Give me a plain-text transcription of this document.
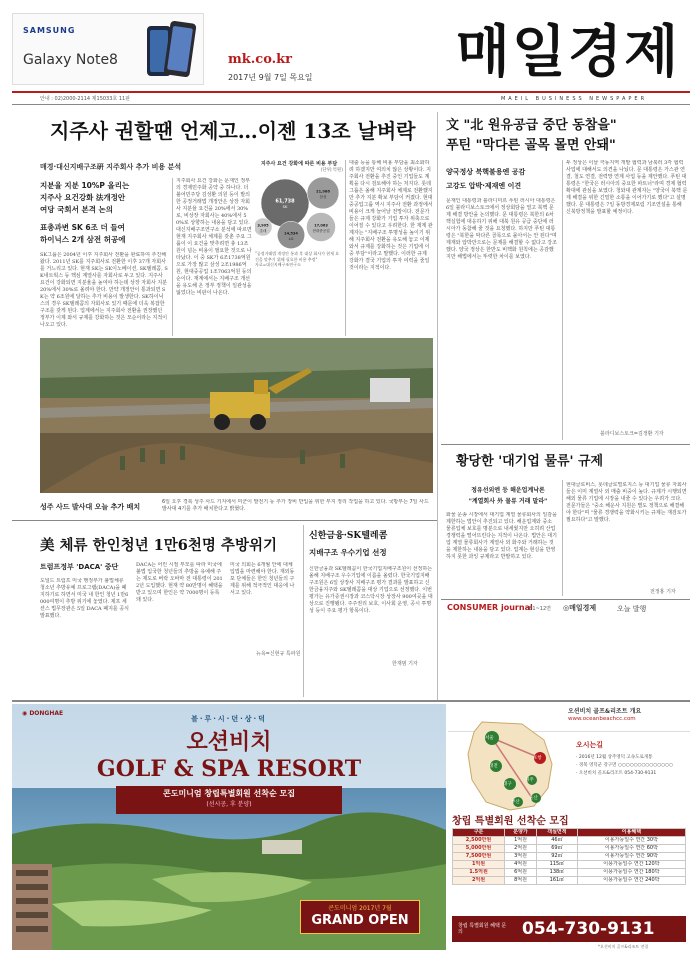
SAMSUNG
Galaxy Note8	mk.co.kr
2017년 9월 7일 목요일	매일경제
MAEIL BUSINESS NEWSPAPER
안내 : 02)2000-2114 제15033호 11판
지주사 권할땐 언제고…이젠 13조 날벼락
매경·대신지배구조硏 지주회사 추가 비용 분석
지분율 지분 10%P 올리는
지주사 요건강화 法개정안
여당 국회서 본격 논의
표총과변 SK 6조 더 들여
하이닉스 2개 삼전 허공에
SK그룹은 2004년 이후 지주회사 전환을 완료하여 추진해 왔다. 2011년 SK를 지주회사로 전환한 이후 37개 자회사를 거느리고 있다. 현재 SK는 SK이노베이션, SK텔레콤, SK네트웍스 등 핵심 계열사를 자회사로 두고 있다. 지주사 요건이 강화되면 지분율을 높여야 하는데 상장 자회사 지분 20%에서 30%로 올려야 한다. 만약 개정안이 통과되면 SK는 약 6조원에 달하는 추가 비용이 발생한다. SK하이닉스의 경우 SK텔레콤의 자회사로 있기 때문에 더욱 복잡한 구조를 갖게 된다. 업계에서는 지주회사 전환을 권장했던 정부가 이제 와서 규제를 강화하는 것은 모순이라는 지적이 나오고 있다.
지주회사 요건 강화는 문재인 정부의 경제민주화 공약 중 하나다. 더불어민주당 김성환 의원 등이 발의한 공정거래법 개정안은 상장 자회사 지분율 요건을 20%에서 30%로, 비상장 자회사는 40%에서 50%로 상향하는 내용을 담고 있다. 대신지배구조연구소 분석에 따르면 현재 지주회사 체제를 갖춘 주요 그룹이 이 요건을 맞추려면 총 13조원이 넘는 비용이 필요한 것으로 나타났다. 이 중 SK가 6조1738억원으로 가장 많고 삼성 2조1986억원, 현대중공업 1조7063억원 등의 순이다. 재계에서는 지배구조 개선을 유도해 온 정부 정책이 일관성을 잃었다는 비판이 나온다.
지주사 요건 강화에 따른 비용 부담
(단위:억원)
61,738
SK
21,986
삼성
17,063
현대중공업
14,534
LG
3,905
롯데
"공정거래법 개정안 통과 후 대상 회사가 현재 요건을 맞추기 위해 필요한 비용 추정"
자료=대신지배구조연구소
대출 등을 통해 비용 부담을 최소화하려 하겠지만 여의치 않은 상황이다. 지주회사 전환을 추진 중인 기업들도 계획을 다시 검토해야 하는 처지다. 롯데그룹은 올해 지주회사 체제로 전환했지만 추가 지분 확보 부담이 커졌다. 현대중공업그룹 역시 지주사 전환 과정에서 비용이 크게 늘어날 전망이다. 전문가들은 규제 강화가 기업 투자 위축으로 이어질 수 있다고 우려한다. 한 재계 관계자는 "지배구조 투명성을 높이기 위해 지주회사 전환을 유도해 놓고 이제 와서 규제를 강화하는 것은 기업에 이중 부담"이라고 말했다. 이러한 규제 강화가 결국 기업의 투자 여력을 줄일 것이라는 지적이다.
성주 사드 발사대 오늘 추가 배치
6일 오후 경북 성주 사드 기지에서 미군이 발전기 등 추가 장비 반입을 위한 부지 정리 작업을 하고 있다. 국방부는 7일 사드 발사대 4기를 추가 배치한다고 밝혔다.
文 "北 원유공급 중단 동참을"
푸틴 "막다른 골목 몰면 안돼"
양국정상 북핵불용엔 공감
고강도 압박·제재엔 이견
문재인 대통령과 블라디미르 푸틴 러시아 대통령은 6일 블라디보스토크에서 정상회담을 열고 북핵 문제 해결 방안을 논의했다. 문 대통령은 북한의 6차 핵실험에 대응하기 위해 대북 원유 공급 중단에 러시아가 동참해 줄 것을 요청했다. 하지만 푸틴 대통령은 "북한을 막다른 골목으로 몰아서는 안 된다"며 제재와 압박만으로는 문제를 해결할 수 없다고 강조했다. 양국 정상은 한반도 비핵화 원칙에는 공감했지만 해법에서는 뚜렷한 차이를 보였다.
두 정상은 이날 극동지역 개발 협력과 남북러 3각 협력 사업에 대해서도 의견을 나눴다. 문 대통령은 가스관 연결, 철도 연결, 전력망 연계 사업 등을 제안했다. 푸틴 대통령은 "한국은 러시아의 중요한 파트너"라며 경제 협력 확대에 관심을 보였다. 청와대 관계자는 "양국이 북핵 문제 해결을 위한 긴밀한 소통을 이어가기로 했다"고 설명했다. 문 대통령은 7일 동방경제포럼 기조연설을 통해 신북방정책을 발표할 예정이다.
블라디보스토크=김정환 기자
황당한 '대기업 물류' 규제
정유선외엔 등 해운업계낙론
"계열회사 外 물류 거래 말라"
화물 운송 시장에서 대기업 계열 물류회사의 일감을 제한하는 법안이 추진되고 있다. 해운업계와 중소 물류업체 보호를 명분으로 내세웠지만 오히려 산업 경쟁력을 떨어뜨린다는 지적이 나온다. 법안은 대기업 계열 물류회사가 계열사 외 화주와 거래하는 것을 제한하는 내용을 담고 있다. 업계는 현실을 반영하지 못한 과잉 규제라고 반발하고 있다.
현대글로비스, 롯데글로벌로지스 등 대기업 물류 자회사들은 이미 계열사 외 매출 비중이 높다. 규제가 시행되면 해외 물류 기업에 시장을 내줄 수 있다는 우려가 크다. 전문가들은 "중소 해운사 지원은 별도 정책으로 해결해야 한다"며 "물류 경쟁력을 약화시키는 규제는 재검토가 필요하다"고 말했다.
전정홍 기자
美 체류 한인청년 1만6천명 추방위기
트럼프정부 'DACA' 중단
도널드 트럼프 미국 행정부가 불법체류 청소년 추방유예 프로그램(DACA)을 폐지하기로 하면서 미국 내 한인 청년 1만6000여명이 추방 위기에 놓였다. 제프 세션스 법무장관은 5일 DACA 폐지를 공식 발표했다.
DACA는 어린 시절 부모를 따라 미국에 불법 입국한 청년들의 추방을 유예해 주는 제도로 버락 오바마 전 대통령이 2012년 도입했다. 현재 약 80만명이 혜택을 받고 있으며 한인은 약 7000명이 등록돼 있다.
미국 의회는 6개월 안에 대체 입법을 마련해야 한다. 재외동포 단체들은 한인 청년들의 구제를 위해 적극적인 대응에 나서고 있다.
뉴욕=신현규 특파원
신한금융·SK텔레콤
지배구조 우수기업 선정
신한금융과 SK텔레콤이 한국기업지배구조원이 선정하는 올해 지배구조 우수기업에 이름을 올렸다. 한국기업지배구조원은 6일 상장사 지배구조 평가 결과를 발표하고 신한금융지주와 SK텔레콤을 대상 기업으로 선정했다. 이번 평가는 유가증권시장과 코스닥시장 상장사 900여곳을 대상으로 진행됐다. 주주권리 보호, 이사회 운영, 공시 투명성 등이 주요 평가 항목이다.
한재범 기자
CONSUMER journal
B1~12면 ◎매일경제	오늘 발행
◉ DONGHAE
블·루·시·던·상·덕
오션비치
GOLF & SPA RESORT
콘도미니엄 창립특별회원 선착순 모집
(선시공, 후 분양)
콘도미니엄 2017년 7월
GRAND OPEN
오션비치 골프&리조트 개요
www.oceanbeachcc.com
서울
대전
대구
경주
울산
부산
포항
오시는길
· 2016년 12월 상주영덕 고속도로개통
· 경북 영덕군 강구면 ○○○○○○○○○○○○○○
· 오션비치 골프&리조트 054-730-9131
창립 특별회원 선착순 모집
구분	분양가	객실면적	이용혜택
2,500만원	1억원	46㎡	이용가능일수 연간 30박
5,000만원	2억원	69㎡	이용가능일수 연간 60박
7,500만원	3억원	92㎡	이용가능일수 연간 90박
1억원	4억원	115㎡	이용가능일수 연간 120박
1.5억원	6억원	138㎡	이용가능일수 연간 180박
2억원	8억원	161㎡	이용가능일수 연간 240박
창립 특별회원 혜택 문의	054-730-9131
*오션비치 골프&리조트 전경
